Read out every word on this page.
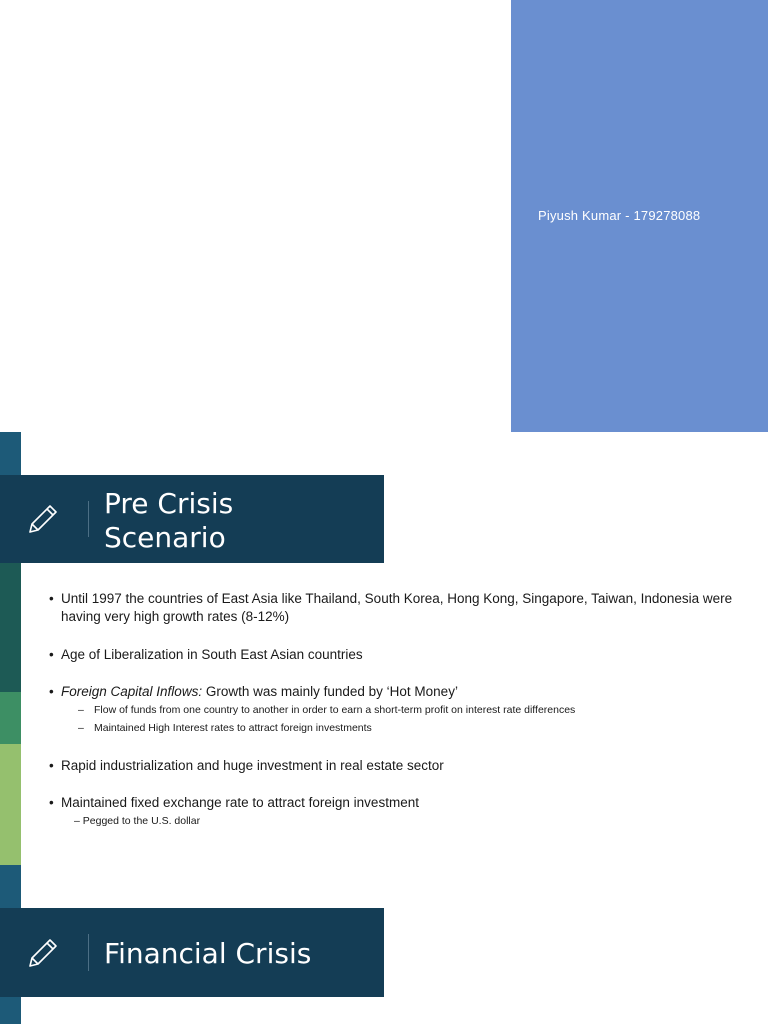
Piyush Kumar - 179278088
Pre Crisis
Scenario
• Until 1997 the countries of East Asia like Thailand, South Korea, Hong Kong, Singapore, Taiwan, Indonesia were having very high growth rates (8-12%)
• Age of Liberalization in South East Asian countries
• Foreign Capital Inflows: Growth was mainly funded by ‘Hot Money’
– Flow of funds from one country to another in order to earn a short-term profit on interest rate differences
– Maintained High Interest rates to attract foreign investments
• Rapid industrialization and huge investment in real estate sector
• Maintained fixed exchange rate to attract foreign investment
– Pegged to the U.S. dollar
Financial Crisis
